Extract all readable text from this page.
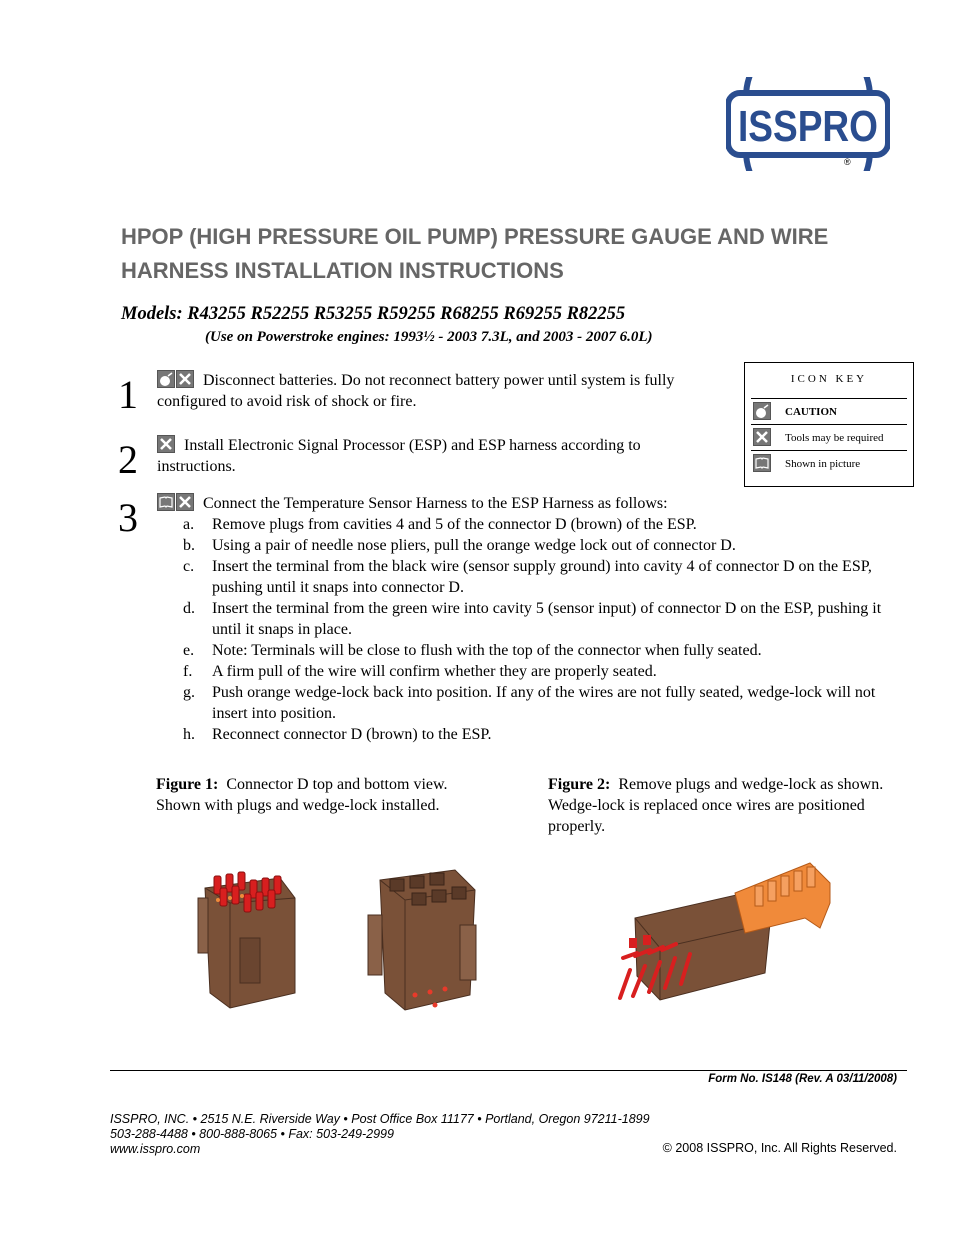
ISSPRO
®
HPOP (HIGH PRESSURE OIL PUMP) PRESSURE GAUGE AND WIRE HARNESS INSTALLATION INSTRUCTIONS
Models: R43255 R52255 R53255 R59255 R68255 R69255 R82255
(Use on Powerstroke engines: 1993½ - 2003 7.3L, and 2003 - 2007 6.0L)
ICON KEY
CAUTION
Tools may be required
Shown in picture
1	Disconnect batteries. Do not reconnect battery power until system is fully configured to avoid risk of shock or fire.
2	Install Electronic Signal Processor (ESP) and ESP harness according to instructions.
3	Connect the Temperature Sensor Harness to the ESP Harness as follows:
a. Remove plugs from cavities 4 and 5 of the connector D (brown) of the ESP.
b. Using a pair of needle nose pliers, pull the orange wedge lock out of connector D.
c. Insert the terminal from the black wire (sensor supply ground) into cavity 4 of connector D on the ESP, pushing until it snaps into connector D.
d. Insert the terminal from the green wire into cavity 5 (sensor input) of connector D on the ESP, pushing it until it snaps in place.
e. Note: Terminals will be close to flush with the top of the connector when fully seated.
f. A firm pull of the wire will confirm whether they are properly seated.
g. Push orange wedge-lock back into position. If any of the wires are not fully seated, wedge-lock will not insert into position.
h. Reconnect connector D (brown) to the ESP.
Figure 1: Connector D top and bottom view. Shown with plugs and wedge-lock installed.
Figure 2: Remove plugs and wedge-lock as shown. Wedge-lock is replaced once wires are positioned properly.
Form No. IS148 (Rev. A 03/11/2008)
ISSPRO, INC. • 2515 N.E. Riverside Way • Post Office Box 11177 • Portland, Oregon 97211-1899
503-288-4488 • 800-888-8065 • Fax: 503-249-2999
www.isspro.com	© 2008 ISSPRO, Inc. All Rights Reserved.
